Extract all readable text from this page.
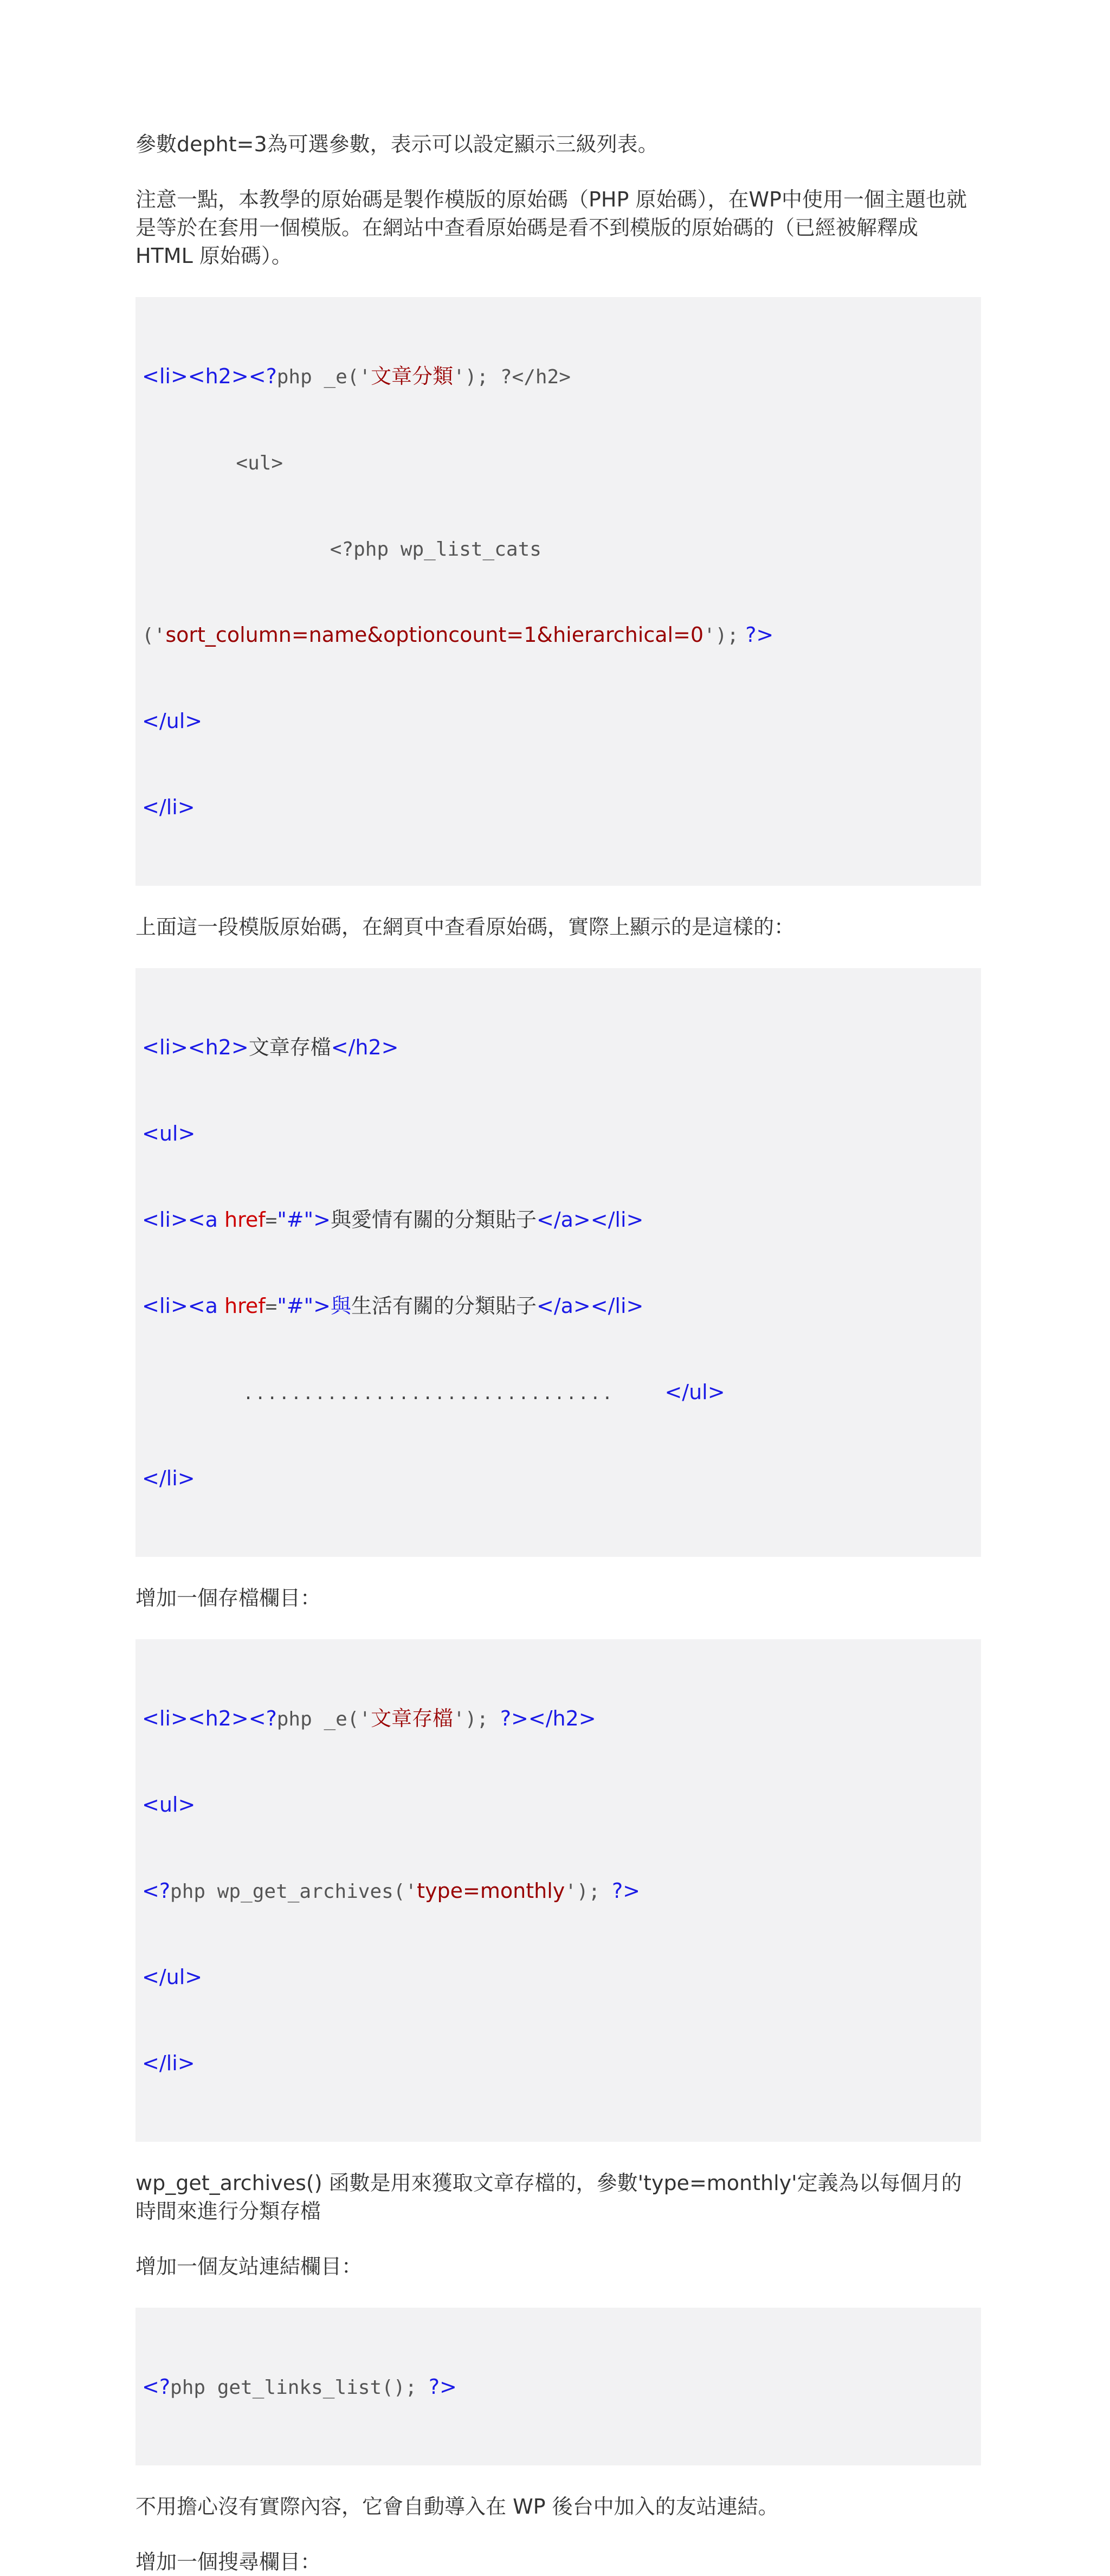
參數depht=3為可選參數，表示可以設定顯示三級列表。

注意一點，本教學的原始碼是製作模版的原始碼（PHP 原始碼），在WP中使用一個主題也就是等於在套用一個模版。在網站中查看原始碼是看不到模版的原始碼的（已經被解釋成 HTML 原始碼）。

<li><h2><?php _e('文章分類'); ?</h2>

<ul>

<?php wp_list_cats

('sort_column=name&optioncount=1&hierarchical=0'); ?>

</ul>

</li>

上面這一段模版原始碼，在網頁中查看原始碼，實際上顯示的是這樣的：

<li><h2>文章存檔</h2>

<ul>

<li><a href="#">與愛情有關的分類貼子</a></li>

<li><a href="#">與生活有關的分類貼子</a></li>

............................... </ul>

</li>

增加一個存檔欄目：

<li><h2><?php _e('文章存檔'); ?></h2>

<ul>

<?php wp_get_archives('type=monthly'); ?>

</ul>

</li>

wp_get_archives() 函數是用來獲取文章存檔的，參數'type=monthly'定義為以每個月的時間來進行分類存檔

增加一個友站連結欄目：

<?php get_links_list(); ?>

不用擔心沒有實際內容，它會自動導入在 WP 後台中加入的友站連結。

增加一個搜尋欄目：
